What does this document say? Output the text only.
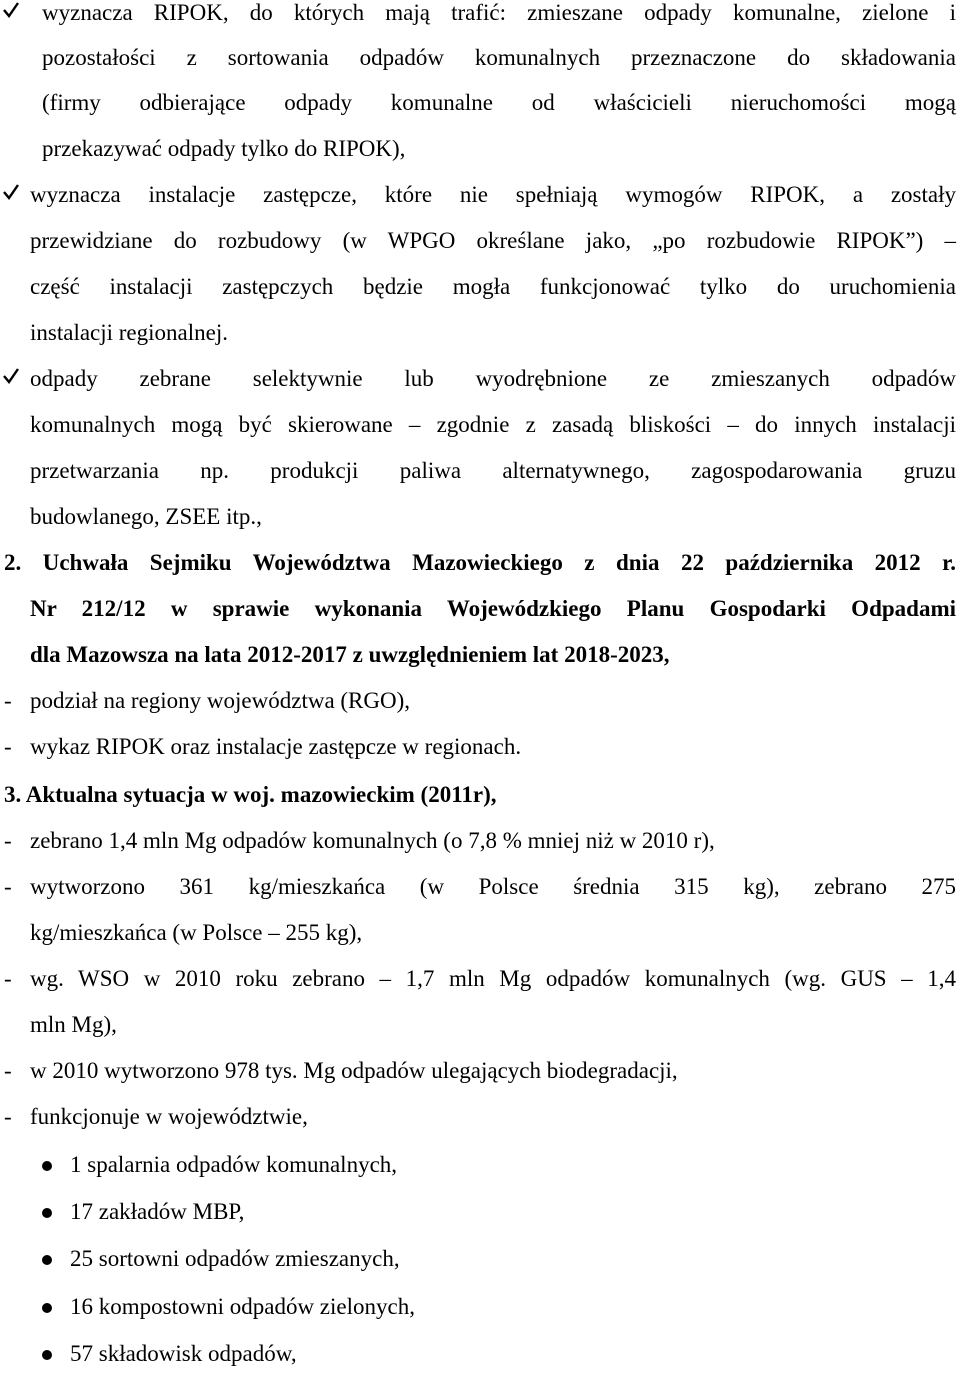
wyznacza RIPOK, do których mają trafić: zmieszane odpady komunalne, zielone i
pozostałości z sortowania odpadów komunalnych przeznaczone do składowania
(firmy odbierające odpady komunalne od właścicieli nieruchomości mogą
przekazywać odpady tylko do RIPOK),
wyznacza instalacje zastępcze, które nie spełniają wymogów RIPOK, a zostały
przewidziane do rozbudowy (w WPGO określane jako, „po rozbudowie RIPOK”) –
część instalacji zastępczych będzie mogła funkcjonować tylko do uruchomienia
instalacji regionalnej.
odpady zebrane selektywnie lub wyodrębnione ze zmieszanych odpadów
komunalnych mogą być skierowane – zgodnie z zasadą bliskości – do innych instalacji
przetwarzania np. produkcji paliwa alternatywnego, zagospodarowania gruzu
budowlanego, ZSEE itp.,
2. Uchwała Sejmiku Województwa Mazowieckiego z dnia 22 października 2012 r.
Nr 212/12 w sprawie wykonania Wojewódzkiego Planu Gospodarki Odpadami
dla Mazowsza na lata 2012-2017 z uwzględnieniem lat 2018-2023,
- podział na regiony województwa (RGO),
- wykaz RIPOK oraz instalacje zastępcze w regionach.
3. Aktualna sytuacja w woj. mazowieckim (2011r),
- zebrano 1,4 mln Mg odpadów komunalnych (o 7,8 % mniej niż w 2010 r),
- wytworzono 361 kg/mieszkańca (w Polsce średnia 315 kg), zebrano 275
kg/mieszkańca (w Polsce – 255 kg),
- wg. WSO w 2010 roku zebrano – 1,7 mln Mg odpadów komunalnych (wg. GUS – 1,4
mln Mg),
- w 2010 wytworzono 978 tys. Mg odpadów ulegających biodegradacji,
- funkcjonuje w województwie,
1 spalarnia odpadów komunalnych,
17 zakładów MBP,
25 sortowni odpadów zmieszanych,
16 kompostowni odpadów zielonych,
57 składowisk odpadów,
